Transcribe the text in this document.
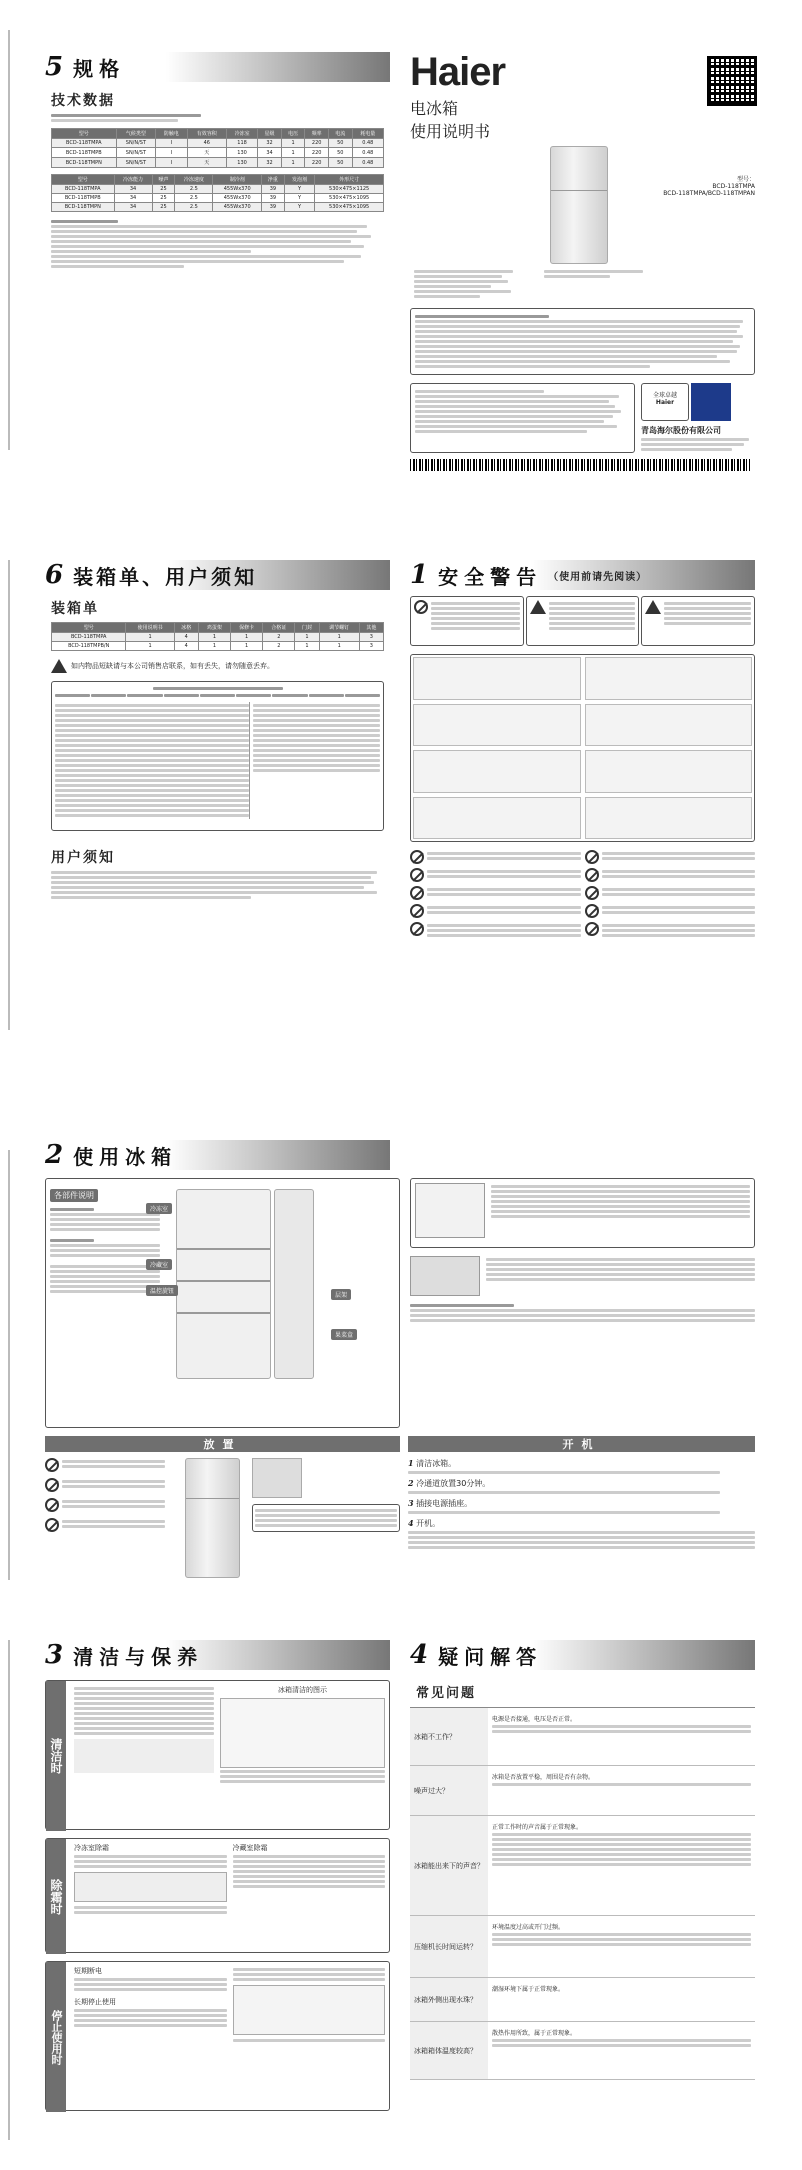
5 规格
技术数据
型号	气候类型	防触电	有效容积	冷冻室	星级	电压	频率	电流	耗电量
BCD-118TMPA	SN/N/ST	I	46	118	32	1	220	50	0.48
BCD-118TMPB	SN/N/ST	I	天	130	34	1	220	50	0.48
BCD-118TMPN	SN/N/ST	I	天	130	32	1	220	50	0.48
型号	冷冻能力	噪声	冷冻速度	制冷剂	净重	发泡剂	外形尺寸
BCD-118TMPA	34	25	2.5	455Wx370	39	Y	530×475×1125
BCD-118TMPB	34	25	2.5	455Wx370	39	Y	530×475×1095
BCD-118TMPN	34	25	2.5	455Wx370	39	Y	530×475×1095
Haier
电冰箱
使用说明书
型号：
BCD-118TMPA
BCD-118TMPA/BCD-118TMPAN
全球卓越
Haier
青岛海尔股份有限公司
6 装箱单、用户须知
装箱单
型号	使用说明书	冰格	鸡蛋架	保修卡	合格证	门封	调节螺钉	其他
BCD-118TMPA	1	4	1	1	2	1	1	3
BCD-118TMPB/N	1	4	1	1	2	1	1	3
如内物品短缺请与本公司销售店联系，如有丢失，请勿随意丢弃。
用户须知
1 安全警告 （使用前请先阅读）
2 使用冰箱
各部件说明
冷冻室
冷藏室
温控旋钮
层架
果菜盒
放置	开机
1 清洁冰箱。
2 冷通道放置30分钟。
3 插接电源插座。
4 开机。
3 清洁与保养
清洁时
冰箱清洁的图示
除霜时
冷冻室除霜	冷藏室除霜
停止使用时
短期断电
长期停止使用
4 疑问解答
常见问题
冰箱不工作？
电源是否接通，电压是否正常。
噪声过大？
冰箱是否放置平稳，周围是否有杂物。
冰箱能出来下的声音？
正常工作时的声音属于正常现象。
压缩机长时间运转？
环境温度过高或开门过频。
冰箱外侧出现水珠？
潮湿环境下属于正常现象。
冰箱箱体温度较高？
散热作用所致，属于正常现象。
